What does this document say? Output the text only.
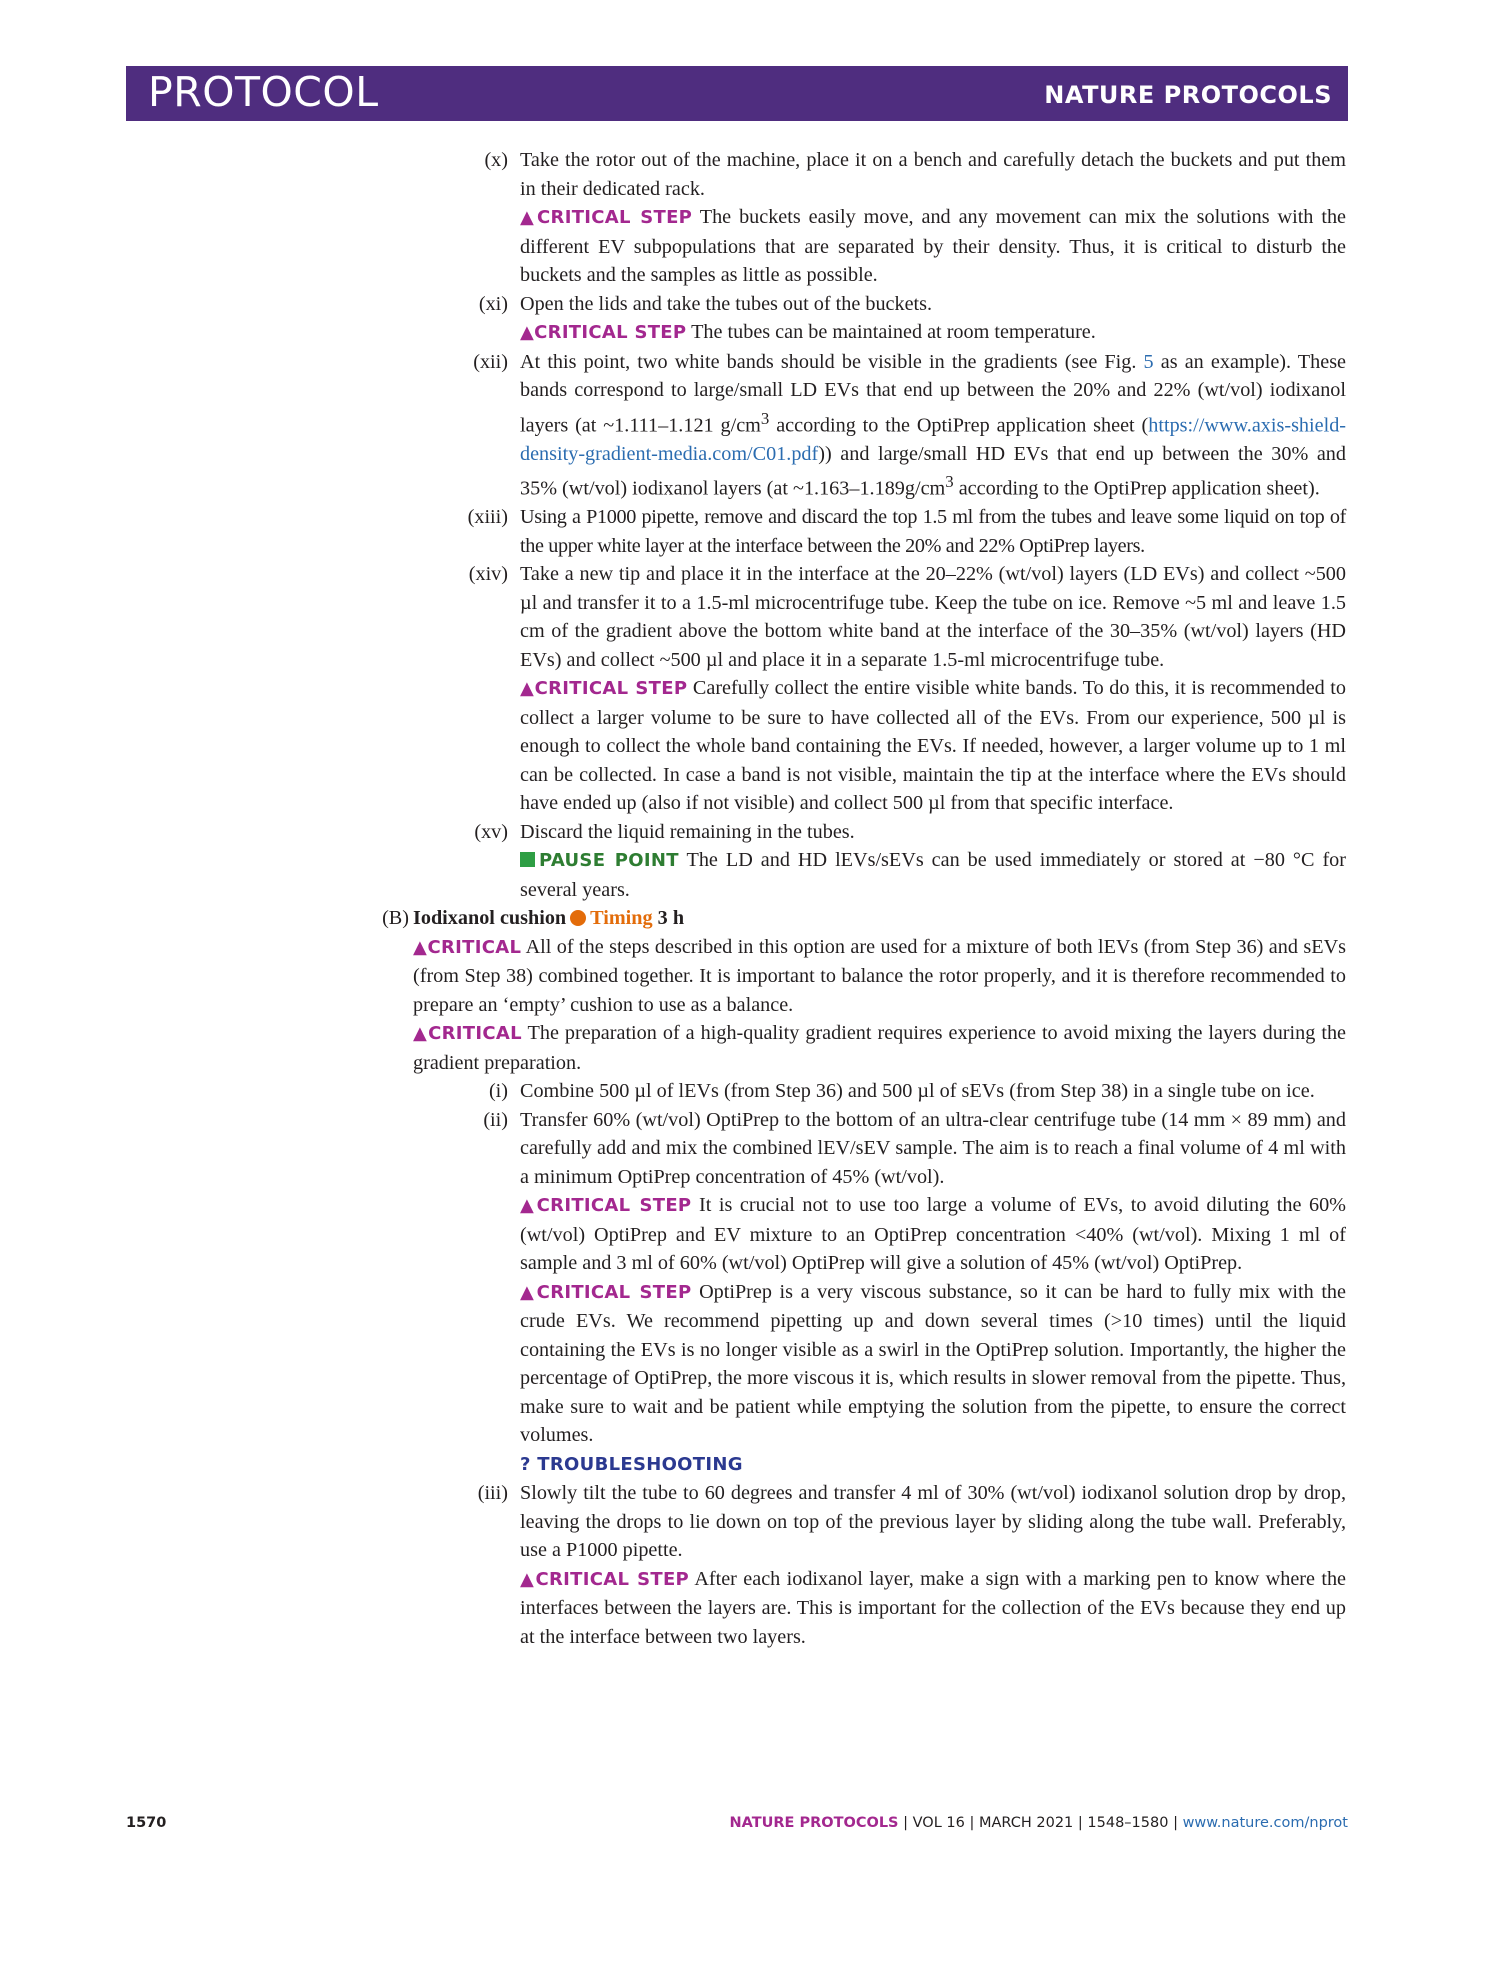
PROTOCOL	NATURE PROTOCOLS
(x) Take the rotor out of the machine, place it on a bench and carefully detach the buckets and put them in their dedicated rack.
▲CRITICAL STEP The buckets easily move, and any movement can mix the solutions with the different EV subpopulations that are separated by their density. Thus, it is critical to disturb the buckets and the samples as little as possible.
(xi) Open the lids and take the tubes out of the buckets.
▲CRITICAL STEP The tubes can be maintained at room temperature.
(xii) At this point, two white bands should be visible in the gradients (see Fig. 5 as an example). These bands correspond to large/small LD EVs that end up between the 20% and 22% (wt/vol) iodixanol layers (at ~1.111–1.121 $g/cm^3$ according to the OptiPrep application sheet (https://www.axis-shield-density-gradient-media.com/C01.pdf)) and large/small HD EVs that end up between the 30% and 35% (wt/vol) iodixanol layers (at $\sim 1.163-1.189g/cm^3$ according to the OptiPrep application sheet).
(xiii) Using a P1000 pipette, remove and discard the top 1.5 ml from the tubes and leave some liquid on top of the upper white layer at the interface between the 20% and 22% OptiPrep layers.
(xiv) Take a new tip and place it in the interface at the 20–22% (wt/vol) layers (LD EVs) and collect ~500 µl and transfer it to a 1.5-ml microcentrifuge tube. Keep the tube on ice. Remove ~5 ml and leave 1.5 cm of the gradient above the bottom white band at the interface of the 30–35% (wt/vol) layers (HD EVs) and collect ~500 µl and place it in a separate 1.5-ml microcentrifuge tube.
▲CRITICAL STEP Carefully collect the entire visible white bands. To do this, it is recommended to collect a larger volume to be sure to have collected all of the EVs. From our experience, 500 µl is enough to collect the whole band containing the EVs. If needed, however, a larger volume up to 1 ml can be collected. In case a band is not visible, maintain the tip at the interface where the EVs should have ended up (also if not visible) and collect 500 µl from that specific interface.
(xv) Discard the liquid remaining in the tubes.
PAUSE POINT The LD and HD lEVs/sEVs can be used immediately or stored at −80 °C for several years.
(B) Iodixanol cushion Timing 3 h
▲CRITICAL All of the steps described in this option are used for a mixture of both lEVs (from Step 36) and sEVs (from Step 38) combined together. It is important to balance the rotor properly, and it is therefore recommended to prepare an ‘empty’ cushion to use as a balance.
▲CRITICAL The preparation of a high-quality gradient requires experience to avoid mixing the layers during the gradient preparation.
(i) Combine 500 µl of lEVs (from Step 36) and 500 µl of sEVs (from Step 38) in a single tube on ice.
(ii) Transfer 60% (wt/vol) OptiPrep to the bottom of an ultra-clear centrifuge tube (14 mm × 89 mm) and carefully add and mix the combined lEV/sEV sample. The aim is to reach a final volume of 4 ml with a minimum OptiPrep concentration of 45% (wt/vol).
▲CRITICAL STEP It is crucial not to use too large a volume of EVs, to avoid diluting the 60% (wt/vol) OptiPrep and EV mixture to an OptiPrep concentration <40% (wt/vol). Mixing 1 ml of sample and 3 ml of 60% (wt/vol) OptiPrep will give a solution of 45% (wt/vol) OptiPrep.
▲CRITICAL STEP OptiPrep is a very viscous substance, so it can be hard to fully mix with the crude EVs. We recommend pipetting up and down several times (>10 times) until the liquid containing the EVs is no longer visible as a swirl in the OptiPrep solution. Importantly, the higher the percentage of OptiPrep, the more viscous it is, which results in slower removal from the pipette. Thus, make sure to wait and be patient while emptying the solution from the pipette, to ensure the correct volumes.
? TROUBLESHOOTING
(iii) Slowly tilt the tube to 60 degrees and transfer 4 ml of 30% (wt/vol) iodixanol solution drop by drop, leaving the drops to lie down on top of the previous layer by sliding along the tube wall. Preferably, use a P1000 pipette.
▲CRITICAL STEP After each iodixanol layer, make a sign with a marking pen to know where the interfaces between the layers are. This is important for the collection of the EVs because they end up at the interface between two layers.
1570	NATURE PROTOCOLS | VOL 16 | MARCH 2021 | 1548–1580 | www.nature.com/nprot
